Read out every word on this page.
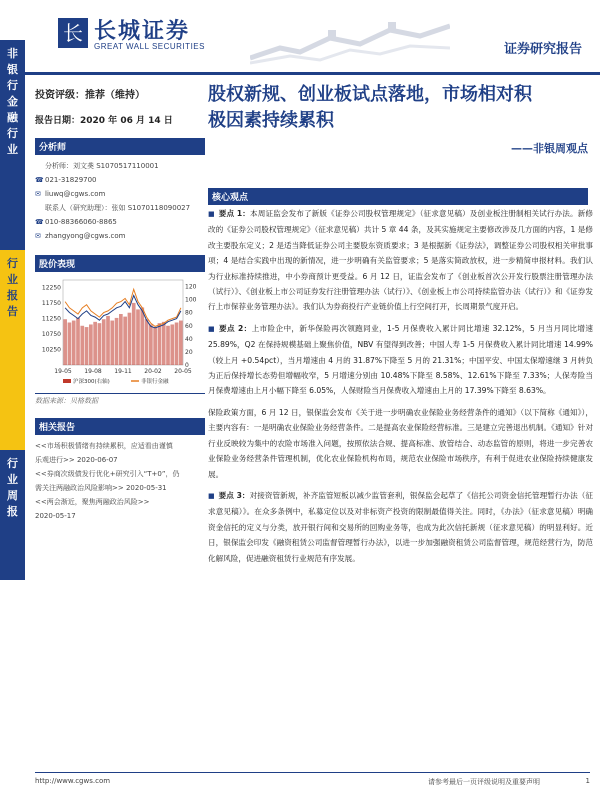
长 长城证券
GREAT WALL SECURITIES	证券研究报告
非
银
行
金
融
行
业
行
业
报
告
行
业
周
报
投资评级：推荐（维持）
报告日期：2020 年 06 月 14 日
分析师
分析师：刘文䶮 S1070517110001
☎021-31829700
✉ liuwq@cgws.com
联系人（研究助理）：张如 S1070118090027
☎010-88366060-8865
✉ zhangyong@cgws.com
股价表现
10250
10750
11250
11750
12250
0
20
40
60
80
100
120
19-05 19-08 19-11 20-02 20-05
沪深300(右轴)	非银行金融
数据来源：贝格数据
相关报告
<<市场积极情绪有持续累积，应适看由谨慎
乐观进行>> 2020-06-07
<<券商次级债发行优化+研究引入“T+0”，仍
需关注两融政治风险影响>> 2020-05-31
<<两会渐近，聚焦两融政治风险>>
2020-05-17
股权新规、创业板试点落地，市场相对积
极因素持续累积
——非银周观点
核心观点

■ 要点 1：本周证监会发布了新版《证券公司股权管理规定》（征求意见稿）及创业板注册制相关试行办法。新修改的《证券公司股权管理规定》（征求意见稿）共计 5 章 44 条，及其实施规定主要修改涉及几方面的内容，1 是修改主要股东定义；2 是适当降低证券公司主要股东资质要求；3 是根据新《证券法》，调整证券公司股权相关审批事项；4 是结合实践中出现的新情况，进一步明确有关监管要求；5 是落实简政放权，进一步精简申报材料。我们认为行业标准持续推进，中小券商预计更受益。6 月 12 日，证监会发布了《创业板首次公开发行股票注册管理办法（试行）》、《创业板上市公司证券发行注册管理办法（试行）》、《创业板上市公司持续监管办法（试行）》和《证券发行上市保荐业务管理办法》。我们认为券商投行产业链价值上行空间打开，长周期景气度开启。

■ 要点 2：上市险企中，新华保险再次领跑同业，1-5 月保费收入累计同比增速 32.12%，5 月当月同比增速 25.89%，Q2 在保持规模基础上聚焦价值，NBV 有望得到改善；中国人寿 1-5 月保费收入累计同比增速 14.99%（较上月 +0.54pct），当月增速由 4 月的 31.87%下降至 5 月的 21.31%；中国平安、中国太保增速继 3 月转负为正后保持增长态势但增幅收窄，5 月增速分别由 10.48%下降至 8.58%、12.61%下降至 7.33%；人保寿险当月保费增速由上月小幅下降至 6.05%，人保财险当月保费收入增速由上月的 17.39%下降至 8.63%。

保险政策方面，6 月 12 日，银保监会发布《关于进一步明确农业保险业务经营条件的通知》（以下简称《通知》），主要内容有：一是明确农业保险业务经营条件。二是提高农业保险经营标准。三是建立完善退出机制。《通知》针对行业反映较为集中的农险市场准入问题，按照依法合规、提高标准、放管结合、动态监管的原则，将进一步完善农业保险业务经营条件管理机制，优化农业保险机构布局，规范农业保险市场秩序，有利于促进农业保险持续健康发展。

■ 要点 3：对接资管新规，补齐监管短板以减少监管套利，银保监会起草了《信托公司资金信托管理暂行办法（征求意见稿）》。在众多条例中，私募定位以及对非标资产投资的限制最值得关注。同时，《办法》（征求意见稿）明确资金信托的定义与分类，放开银行间和交易所的回购业务等，也成为此次信托新规（征求意见稿）的明显利好。近日，银保监会印发《融资租赁公司监督管理暂行办法》，以进一步加强融资租赁公司监督管理，规范经营行为，防范化解风险，促进融资租赁行业规范有序发展。

http://www.cgws.com	请参考最后一页评级说明及重要声明	1
